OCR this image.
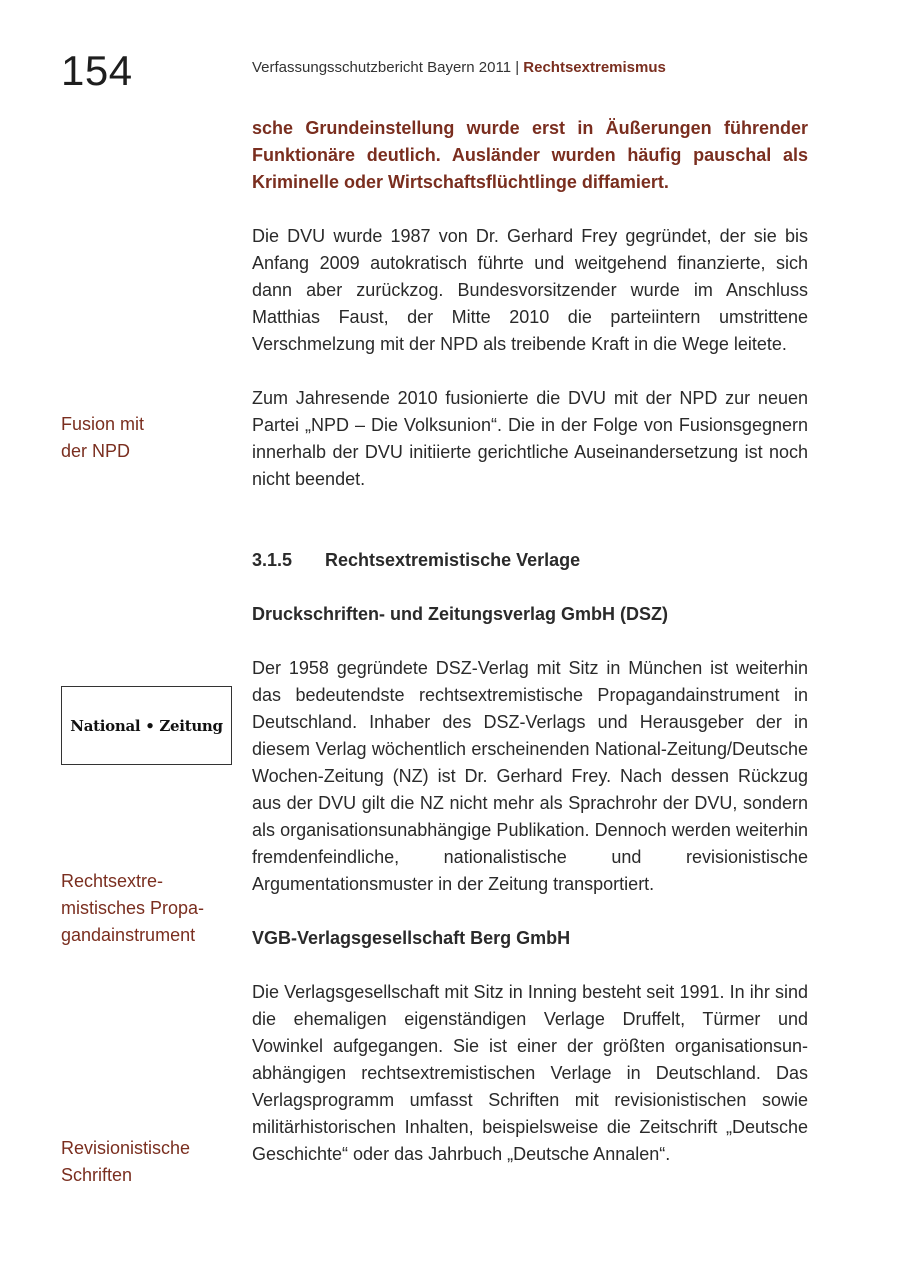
154	Verfassungsschutzbericht Bayern 2011 | Rechtsextremismus
Fusion mit
der NPD
National • Zeitung
Rechtsextre-
mistisches Propa-
gandainstrument
Revisionistische
Schriften

sche Grundeinstellung wurde erst in Äußerungen führender Funktionäre deutlich. Ausländer wurden häufig pauschal als Kriminelle oder Wirtschaftsflüchtlinge diffamiert.

Die DVU wurde 1987 von Dr. Gerhard Frey gegründet, der sie bis Anfang 2009 autokratisch führte und weitgehend finanzierte, sich dann aber zurückzog. Bundesvorsitzender wurde im Anschluss Matthias Faust, der Mitte 2010 die parteiintern umstrittene Verschmelzung mit der NPD als treibende Kraft in die Wege leitete.

Zum Jahresende 2010 fusionierte die DVU mit der NPD zur neuen Partei „NPD – Die Volksunion“. Die in der Folge von Fusionsgegnern innerhalb der DVU initiierte gerichtliche Auseinandersetzung ist noch nicht beendet.

3.1.5 Rechtsextremistische Verlage
Druckschriften- und Zeitungsverlag GmbH (DSZ)

Der 1958 gegründete DSZ-Verlag mit Sitz in München ist weiterhin das bedeutendste rechtsextremistische Propagandainstrument in Deutschland. Inhaber des DSZ-Verlags und Herausgeber der in diesem Verlag wöchentlich erscheinenden National-Zeitung/Deutsche Wochen-Zeitung (NZ) ist Dr. Gerhard Frey. Nach dessen Rückzug aus der DVU gilt die NZ nicht mehr als Sprachrohr der DVU, sondern als organisationsunabhängige Publikation. Dennoch werden weiterhin fremdenfeindliche, nationalistische und revisionistische Argumentationsmuster in der Zeitung transportiert.

VGB-Verlagsgesellschaft Berg GmbH

Die Verlagsgesellschaft mit Sitz in Inning besteht seit 1991. In ihr sind die ehemaligen eigenständigen Verlage Druffelt, Türmer und Vowinkel aufgegangen. Sie ist einer der größten organisationsunabhängigen rechtsextremistischen Verlage in Deutschland. Das Verlagsprogramm umfasst Schriften mit revisionistischen sowie militärhistorischen Inhalten, beispielsweise die Zeitschrift „Deutsche Geschichte“ oder das Jahrbuch „Deutsche Annalen“.
